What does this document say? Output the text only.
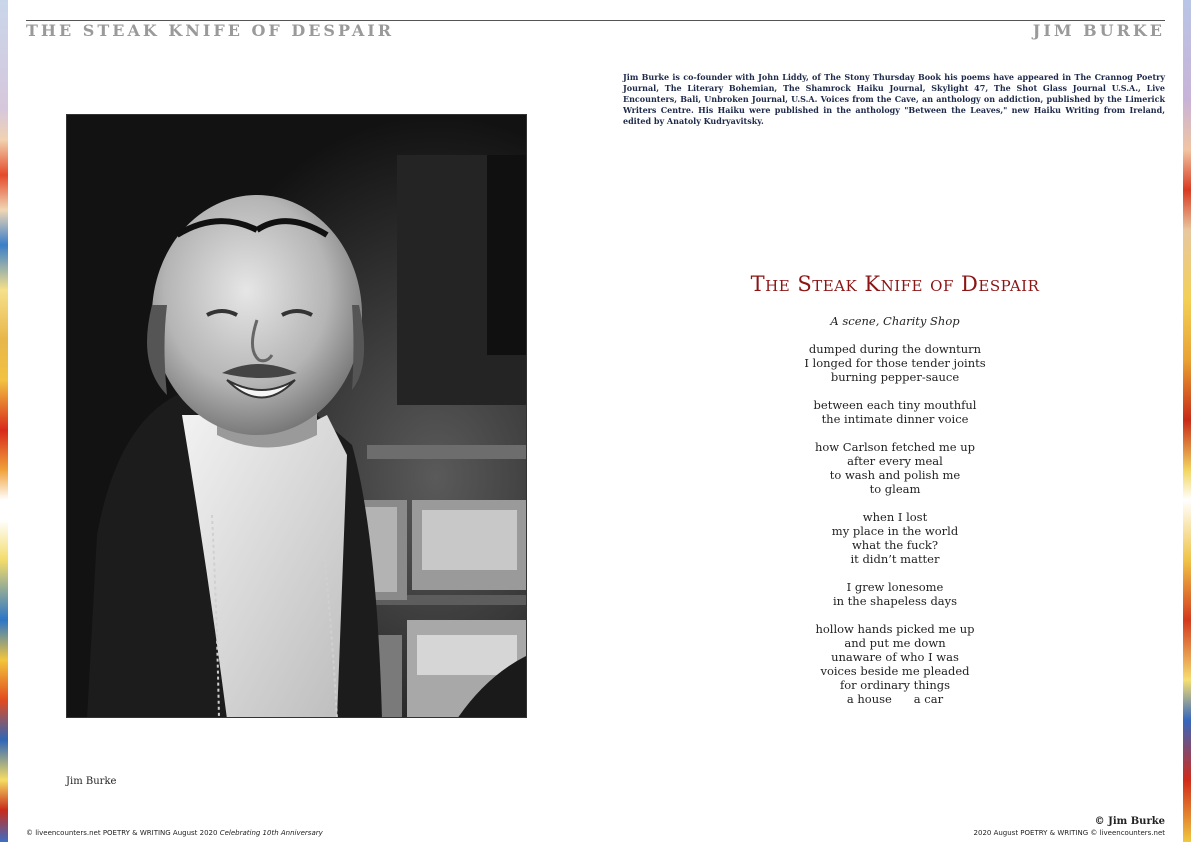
THE STEAK KNIFE OF DESPAIR	JIM BURKE
Jim Burke is co-founder with John Liddy, of The Stony Thursday Book his poems have appeared in The Crannog Poetry Journal, The Literary Bohemian, The Shamrock Haiku Journal, Skylight 47, The Shot Glass Journal U.S.A., Live Encounters, Bali, Unbroken Journal, U.S.A. Voices from the Cave, an anthology on addiction, published by the Limerick Writers Centre. His Haiku were published in the anthology "Between the Leaves," new Haiku Writing from Ireland, edited by Anatoly Kudryavitsky.
Jim Burke
The Steak Knife of Despair
A scene, Charity Shop
dumped during the downturn
I longed for those tender joints
burning pepper-sauce
between each tiny mouthful
the intimate dinner voice
how Carlson fetched me up
after every meal
to wash and polish me
to gleam
when I lost
my place in the world
what the fuck?
it didn’t matter
I grew lonesome
in the shapeless days
hollow hands picked me up
and put me down
unaware of who I was
voices beside me pleaded
for ordinary things
a house      a car
© Jim Burke
© liveencounters.net POETRY & WRITING August 2020 Celebrating 10th Anniversary	2020 August POETRY & WRITING © liveencounters.net
